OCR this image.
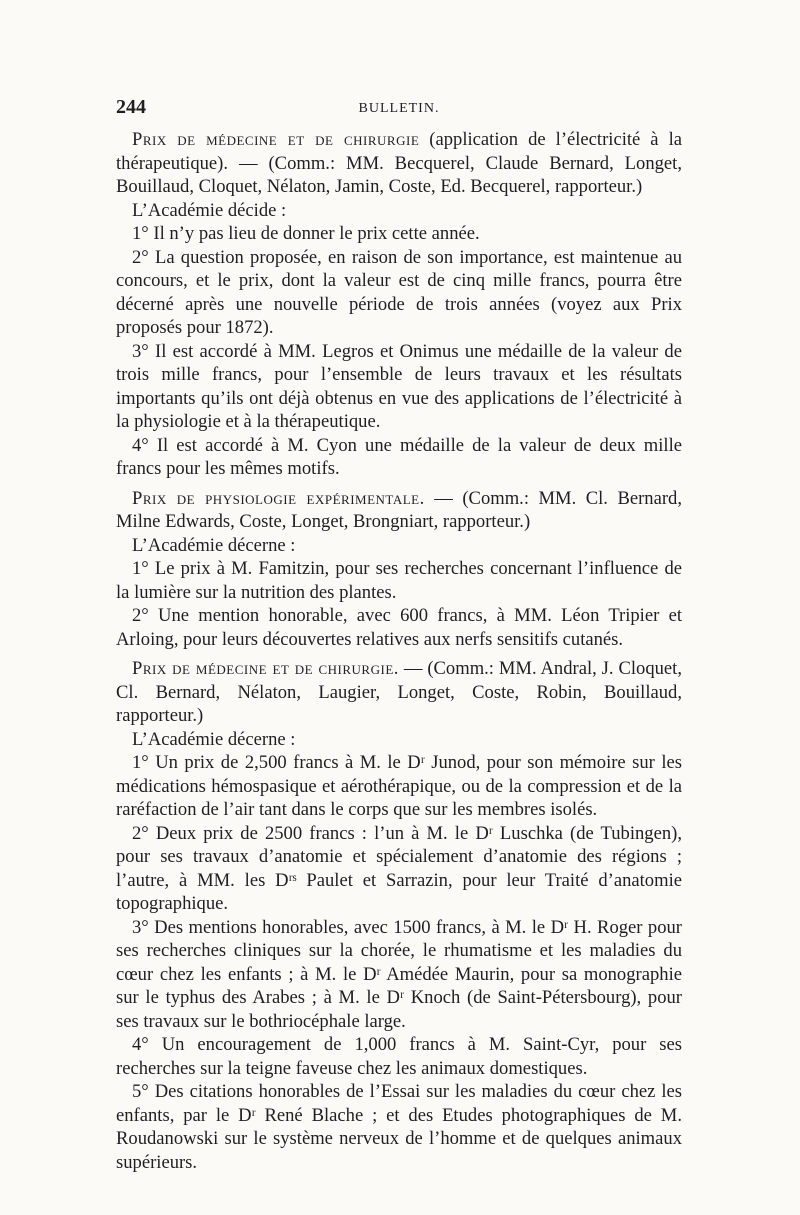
244	BULLETIN.

Prix de médecine et de chirurgie (application de l’électricité à la thérapeutique). — (Comm.: MM. Becquerel, Claude Bernard, Longet, Bouillaud, Cloquet, Nélaton, Jamin, Coste, Ed. Becquerel, rapporteur.)

L’Académie décide :

1° Il n’y pas lieu de donner le prix cette année.

2° La question proposée, en raison de son importance, est maintenue au concours, et le prix, dont la valeur est de cinq mille francs, pourra être décerné après une nouvelle période de trois années (voyez aux Prix proposés pour 1872).

3° Il est accordé à MM. Legros et Onimus une médaille de la valeur de trois mille francs, pour l’ensemble de leurs travaux et les résultats importants qu’ils ont déjà obtenus en vue des applications de l’électricité à la physiologie et à la thérapeutique.

4° Il est accordé à M. Cyon une médaille de la valeur de deux mille francs pour les mêmes motifs.

Prix de physiologie expérimentale. — (Comm.: MM. Cl. Bernard, Milne Edwards, Coste, Longet, Brongniart, rapporteur.)

L’Académie décerne :

1° Le prix à M. Famitzin, pour ses recherches concernant l’influence de la lumière sur la nutrition des plantes.

2° Une mention honorable, avec 600 francs, à MM. Léon Tripier et Arloing, pour leurs découvertes relatives aux nerfs sensitifs cutanés.

Prix de médecine et de chirurgie. — (Comm.: MM. Andral, J. Cloquet, Cl. Bernard, Nélaton, Laugier, Longet, Coste, Robin, Bouillaud, rapporteur.)

L’Académie décerne :

1° Un prix de 2,500 francs à M. le Dʳ Junod, pour son mémoire sur les médications hémospasique et aérothérapique, ou de la compression et de la raréfaction de l’air tant dans le corps que sur les membres isolés.

2° Deux prix de 2500 francs : l’un à M. le Dʳ Luschka (de Tubingen), pour ses travaux d’anatomie et spécialement d’anatomie des régions ; l’autre, à MM. les Dʳˢ Paulet et Sarrazin, pour leur Traité d’anatomie topographique.

3° Des mentions honorables, avec 1500 francs, à M. le Dʳ H. Roger pour ses recherches cliniques sur la chorée, le rhumatisme et les maladies du cœur chez les enfants ; à M. le Dʳ Amédée Maurin, pour sa monographie sur le typhus des Arabes ; à M. le Dʳ Knoch (de Saint-Pétersbourg), pour ses travaux sur le bothriocéphale large.

4° Un encouragement de 1,000 francs à M. Saint-Cyr, pour ses recherches sur la teigne faveuse chez les animaux domestiques.

5° Des citations honorables de l’Essai sur les maladies du cœur chez les enfants, par le Dʳ René Blache ; et des Etudes photographiques de M. Roudanowski sur le système nerveux de l’homme et de quelques animaux supérieurs.
